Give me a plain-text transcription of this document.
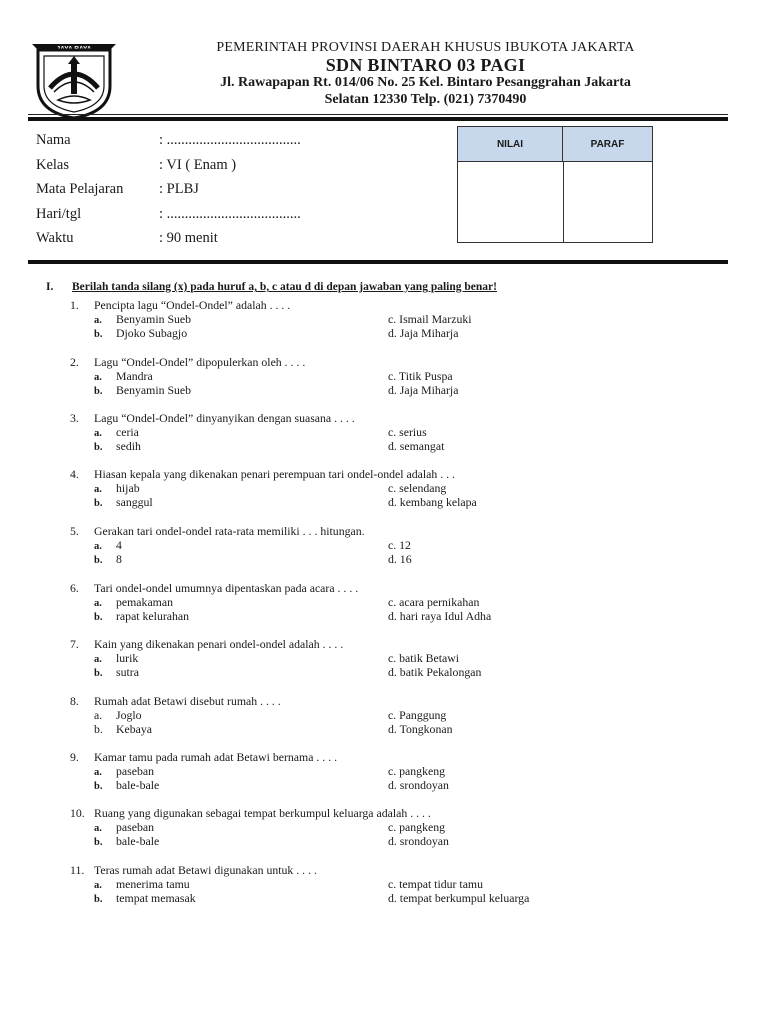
PEMERINTAH PROVINSI DAERAH KHUSUS IBUKOTA JAKARTA
SDN BINTARO 03 PAGI
Jl. Rawapapan Rt. 014/06 No. 25 Kel. Bintaro Pesanggrahan Jakarta
Selatan 12330 Telp. (021) 7370490
Nama	: .....................................
Kelas	: VI ( Enam )
Mata Pelajaran : PLBJ
Hari/tgl	: .....................................
Waktu	: 90 menit
NILAI	PARAF
I. Berilah tanda silang (x) pada huruf a, b, c atau d di depan jawaban yang paling benar!
1. Pencipta lagu “Ondel-Ondel” adalah . . . .
a. Benyamin Sueb
b. Djoko Subagjo
c. Ismail Marzuki
d. Jaja Miharja
2. Lagu “Ondel-Ondel” dipopulerkan oleh . . . .
a. Mandra
b. Benyamin Sueb
c. Titik Puspa
d. Jaja Miharja
3. Lagu “Ondel-Ondel” dinyanyikan dengan suasana . . . .
a. ceria
b. sedih
c. serius
d. semangat
4. Hiasan kepala yang dikenakan penari perempuan tari ondel-ondel adalah . . .
a. hijab
b. sanggul
c. selendang
d. kembang kelapa
5. Gerakan tari ondel-ondel rata-rata memiliki . . . hitungan.
a. 4
b. 8
c. 12
d. 16
6. Tari ondel-ondel umumnya dipentaskan pada acara . . . .
a. pemakaman
b. rapat kelurahan
c. acara pernikahan
d. hari raya Idul Adha
7. Kain yang dikenakan penari ondel-ondel adalah . . . .
a. lurik
b. sutra
c. batik Betawi
d. batik Pekalongan
8. Rumah adat Betawi disebut rumah . . . .
a. Joglo
b. Kebaya
c. Panggung
d. Tongkonan
9. Kamar tamu pada rumah adat Betawi bernama . . . .
a. paseban
b. bale-bale
c. pangkeng
d. srondoyan
10. Ruang yang digunakan sebagai tempat berkumpul keluarga adalah . . . .
a. paseban
b. bale-bale
c. pangkeng
d. srondoyan
11. Teras rumah adat Betawi digunakan untuk . . . .
a. menerima tamu
b. tempat memasak
c. tempat tidur tamu
d. tempat berkumpul keluarga
